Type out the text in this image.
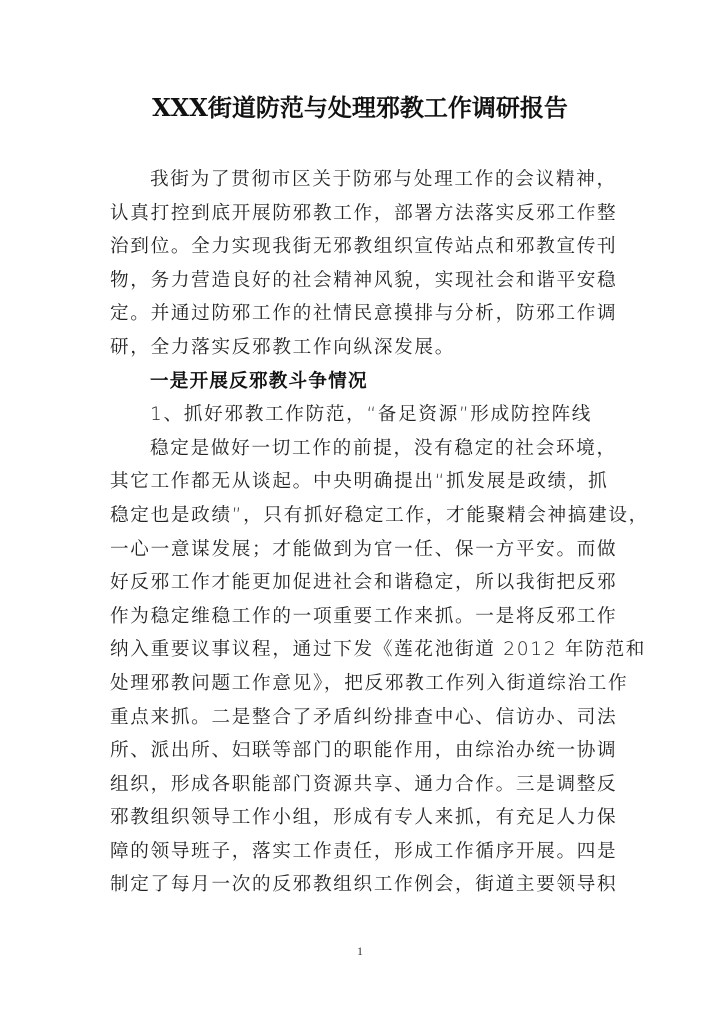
XXX街道防范与处理邪教工作调研报告
我街为了贯彻市区关于防邪与处理工作的会议精神，
认真打控到底开展防邪教工作，部署方法落实反邪工作整
治到位。全力实现我街无邪教组织宣传站点和邪教宣传刊
物，务力营造良好的社会精神风貌，实现社会和谐平安稳
定。并通过防邪工作的社情民意摸排与分析，防邪工作调
研，全力落实反邪教工作向纵深发展。
一是开展反邪教斗争情况
1、抓好邪教工作防范，“备足资源”形成防控阵线
稳定是做好一切工作的前提，没有稳定的社会环境，
其它工作都无从谈起。中央明确提出“抓发展是政绩，抓
稳定也是政绩”，只有抓好稳定工作，才能聚精会神搞建设，
一心一意谋发展；才能做到为官一任、保一方平安。而做
好反邪工作才能更加促进社会和谐稳定，所以我街把反邪
作为稳定维稳工作的一项重要工作来抓。一是将反邪工作
纳入重要议事议程，通过下发《莲花池街道 2012 年防范和
处理邪教问题工作意见》，把反邪教工作列入街道综治工作
重点来抓。二是整合了矛盾纠纷排查中心、信访办、司法
所、派出所、妇联等部门的职能作用，由综治办统一协调
组织，形成各职能部门资源共享、通力合作。三是调整反
邪教组织领导工作小组，形成有专人来抓，有充足人力保
障的领导班子，落实工作责任，形成工作循序开展。四是
制定了每月一次的反邪教组织工作例会，街道主要领导积
1
